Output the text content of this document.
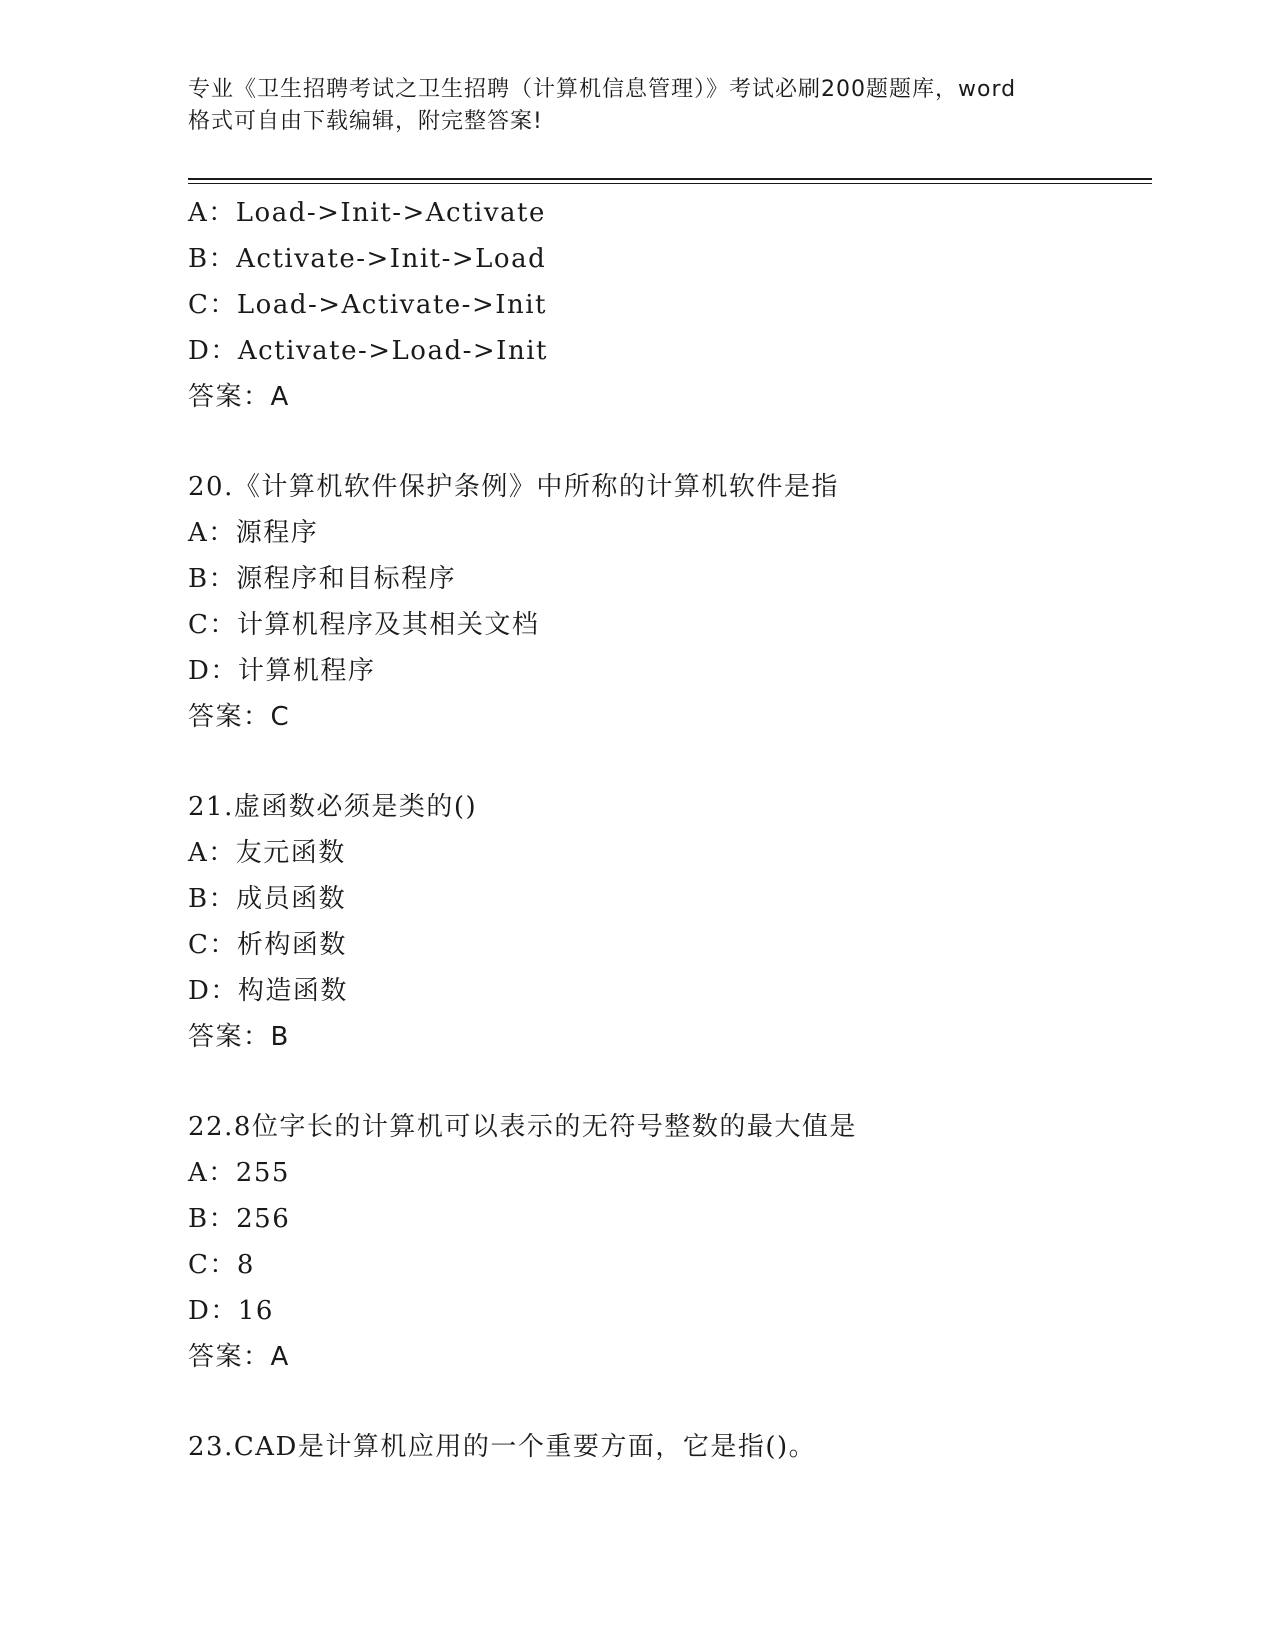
专业《卫生招聘考试之卫生招聘（计算机信息管理）》考试必刷200题题库，word
格式可自由下载编辑，附完整答案!
A：Load->Init->Activate
B：Activate->Init->Load
C：Load->Activate->Init
D：Activate->Load->Init
答案：A
20.《计算机软件保护条例》中所称的计算机软件是指
A：源程序
B：源程序和目标程序
C：计算机程序及其相关文档
D：计算机程序
答案：C
21.虚函数必须是类的()
A：友元函数
B：成员函数
C：析构函数
D：构造函数
答案：B
22.8位字长的计算机可以表示的无符号整数的最大值是
A：255
B：256
C：8
D：16
答案：A
23.CAD是计算机应用的一个重要方面，它是指()。
